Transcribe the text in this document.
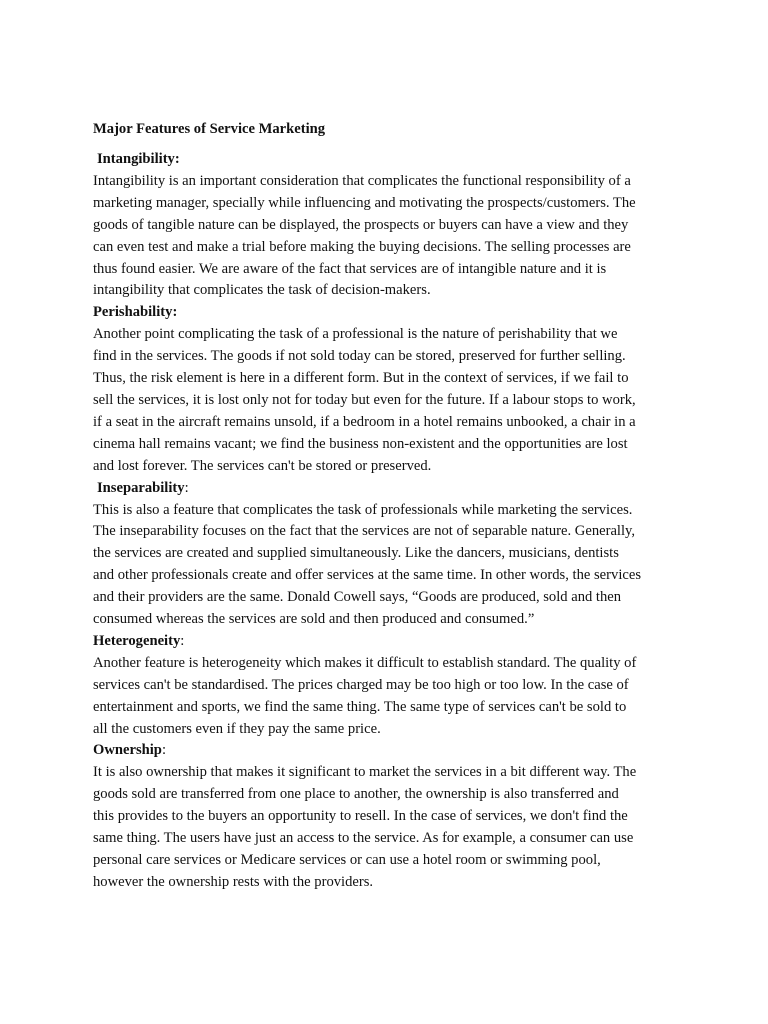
Major Features of Service Marketing
Intangibility:
Intangibility is an important consideration that complicates the functional responsibility of a
marketing manager, specially while influencing and motivating the prospects/customers. The
goods of tangible nature can be displayed, the prospects or buyers can have a view and they
can even test and make a trial before making the buying decisions. The selling processes are
thus found easier. We are aware of the fact that services are of intangible nature and it is
intangibility that complicates the task of decision-makers.
Perishability:
Another point complicating the task of a professional is the nature of perishability that we
find in the services. The goods if not sold today can be stored, preserved for further selling.
Thus, the risk element is here in a different form. But in the context of services, if we fail to
sell the services, it is lost only not for today but even for the future. If a labour stops to work,
if a seat in the aircraft remains unsold, if a bedroom in a hotel remains unbooked, a chair in a
cinema hall remains vacant; we find the business non-existent and the opportunities are lost
and lost forever. The services can't be stored or preserved.
Inseparability:
This is also a feature that complicates the task of professionals while marketing the services.
The inseparability focuses on the fact that the services are not of separable nature. Generally,
the services are created and supplied simultaneously. Like the dancers, musicians, dentists
and other professionals create and offer services at the same time. In other words, the services
and their providers are the same. Donald Cowell says, “Goods are produced, sold and then
consumed whereas the services are sold and then produced and consumed.”
Heterogeneity:
Another feature is heterogeneity which makes it difficult to establish standard. The quality of
services can't be standardised. The prices charged may be too high or too low. In the case of
entertainment and sports, we find the same thing. The same type of services can't be sold to
all the customers even if they pay the same price.
Ownership:
It is also ownership that makes it significant to market the services in a bit different way. The
goods sold are transferred from one place to another, the ownership is also transferred and
this provides to the buyers an opportunity to resell. In the case of services, we don't find the
same thing. The users have just an access to the service. As for example, a consumer can use
personal care services or Medicare services or can use a hotel room or swimming pool,
however the ownership rests with the providers.
